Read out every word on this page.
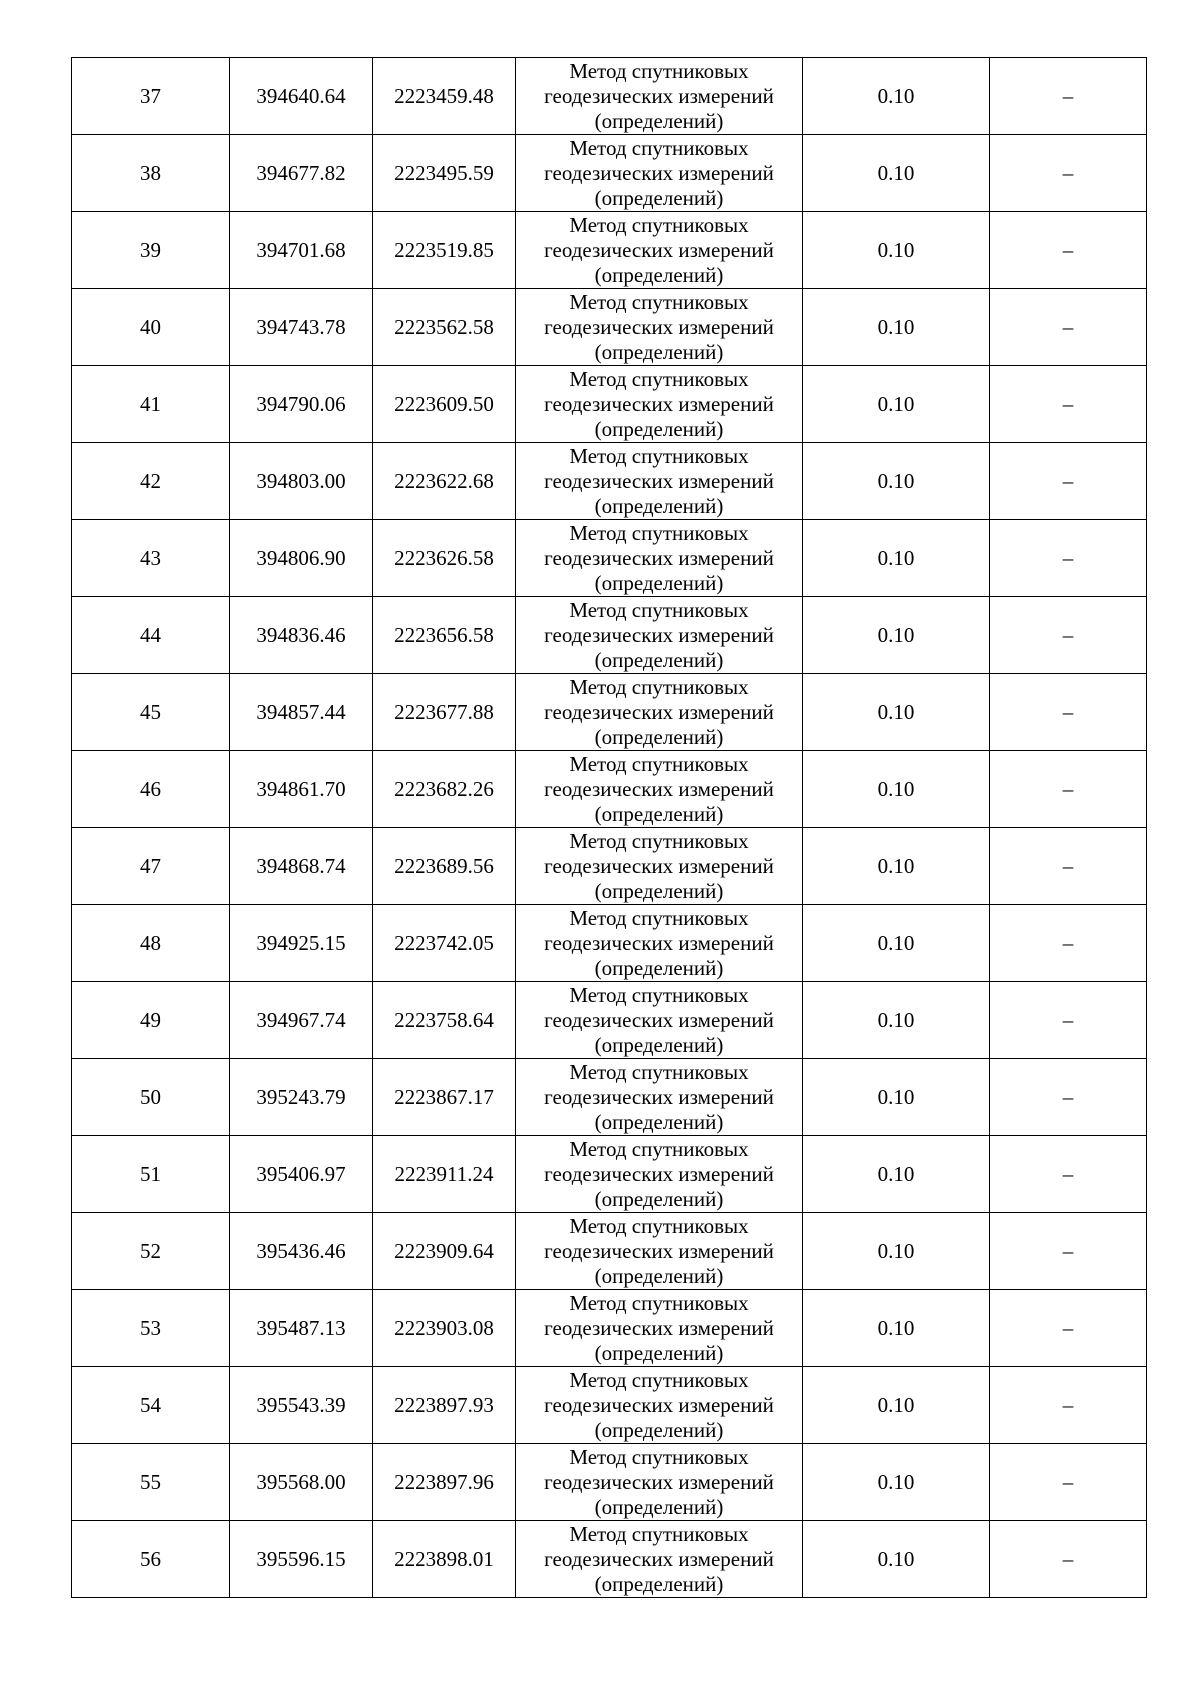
37	394640.64	2223459.48	Метод спутниковых
геодезических измерений
(определений)	0.10	–
38	394677.82	2223495.59	Метод спутниковых
геодезических измерений
(определений)	0.10	–
39	394701.68	2223519.85	Метод спутниковых
геодезических измерений
(определений)	0.10	–
40	394743.78	2223562.58	Метод спутниковых
геодезических измерений
(определений)	0.10	–
41	394790.06	2223609.50	Метод спутниковых
геодезических измерений
(определений)	0.10	–
42	394803.00	2223622.68	Метод спутниковых
геодезических измерений
(определений)	0.10	–
43	394806.90	2223626.58	Метод спутниковых
геодезических измерений
(определений)	0.10	–
44	394836.46	2223656.58	Метод спутниковых
геодезических измерений
(определений)	0.10	–
45	394857.44	2223677.88	Метод спутниковых
геодезических измерений
(определений)	0.10	–
46	394861.70	2223682.26	Метод спутниковых
геодезических измерений
(определений)	0.10	–
47	394868.74	2223689.56	Метод спутниковых
геодезических измерений
(определений)	0.10	–
48	394925.15	2223742.05	Метод спутниковых
геодезических измерений
(определений)	0.10	–
49	394967.74	2223758.64	Метод спутниковых
геодезических измерений
(определений)	0.10	–
50	395243.79	2223867.17	Метод спутниковых
геодезических измерений
(определений)	0.10	–
51	395406.97	2223911.24	Метод спутниковых
геодезических измерений
(определений)	0.10	–
52	395436.46	2223909.64	Метод спутниковых
геодезических измерений
(определений)	0.10	–
53	395487.13	2223903.08	Метод спутниковых
геодезических измерений
(определений)	0.10	–
54	395543.39	2223897.93	Метод спутниковых
геодезических измерений
(определений)	0.10	–
55	395568.00	2223897.96	Метод спутниковых
геодезических измерений
(определений)	0.10	–
56	395596.15	2223898.01	Метод спутниковых
геодезических измерений
(определений)	0.10	–
